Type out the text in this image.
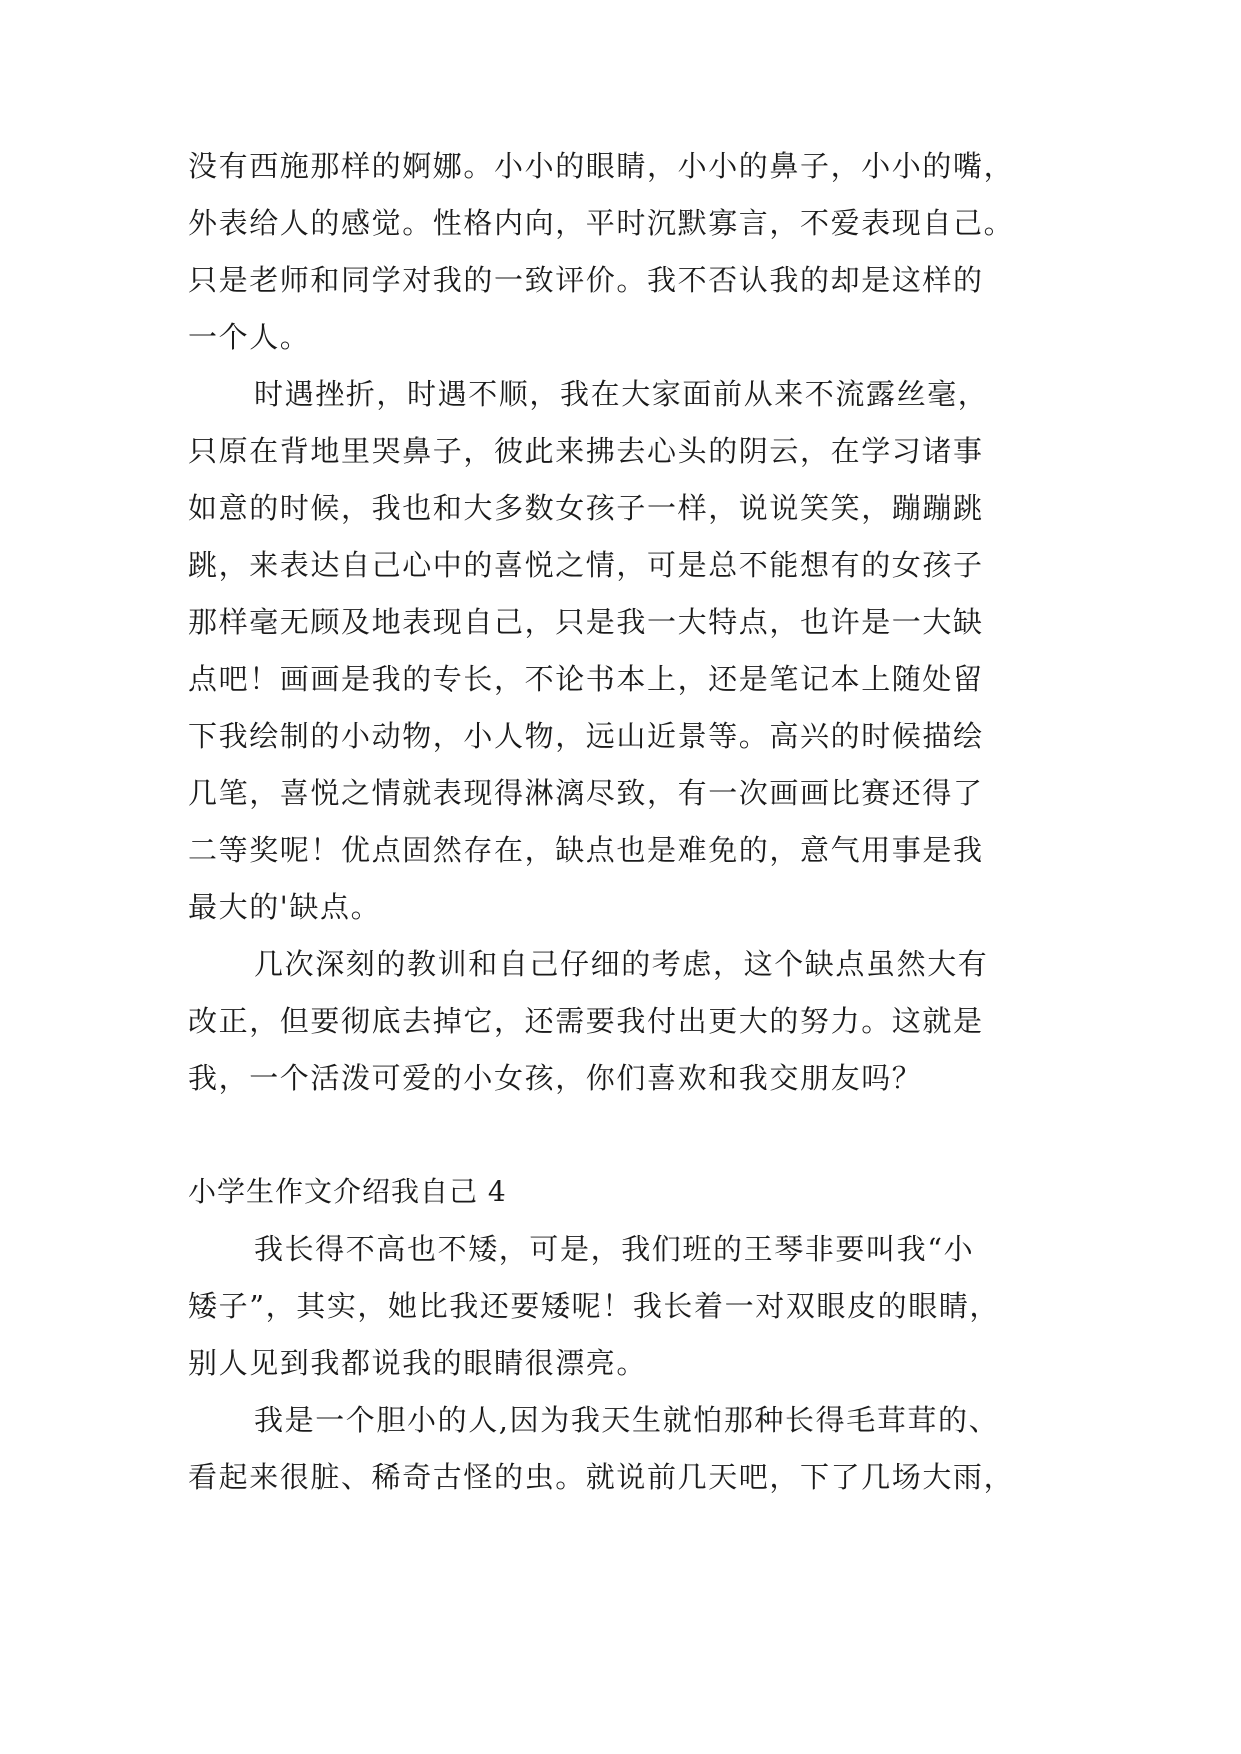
没有西施那样的婀娜。小小的眼睛，小小的鼻子，小小的嘴，
外表给人的感觉。性格内向，平时沉默寡言，不爱表现自己。
只是老师和同学对我的一致评价。我不否认我的却是这样的
一个人。
时遇挫折，时遇不顺，我在大家面前从来不流露丝毫，
只原在背地里哭鼻子，彼此来拂去心头的阴云，在学习诸事
如意的时候，我也和大多数女孩子一样，说说笑笑，蹦蹦跳
跳，来表达自己心中的喜悦之情，可是总不能想有的女孩子
那样毫无顾及地表现自己，只是我一大特点，也许是一大缺
点吧！画画是我的专长，不论书本上，还是笔记本上随处留
下我绘制的小动物，小人物，远山近景等。高兴的时候描绘
几笔，喜悦之情就表现得淋漓尽致，有一次画画比赛还得了
二等奖呢！优点固然存在，缺点也是难免的，意气用事是我
最大的'缺点。
几次深刻的教训和自己仔细的考虑，这个缺点虽然大有
改正，但要彻底去掉它，还需要我付出更大的努力。这就是
我，一个活泼可爱的小女孩，你们喜欢和我交朋友吗？
小学生作文介绍我自己 4
我长得不高也不矮，可是，我们班的王琴非要叫我“小
矮子”，其实，她比我还要矮呢！我长着一对双眼皮的眼睛，
别人见到我都说我的眼睛很漂亮。
我是一个胆小的人,因为我天生就怕那种长得毛茸茸的、
看起来很脏、稀奇古怪的虫。就说前几天吧，下了几场大雨，
